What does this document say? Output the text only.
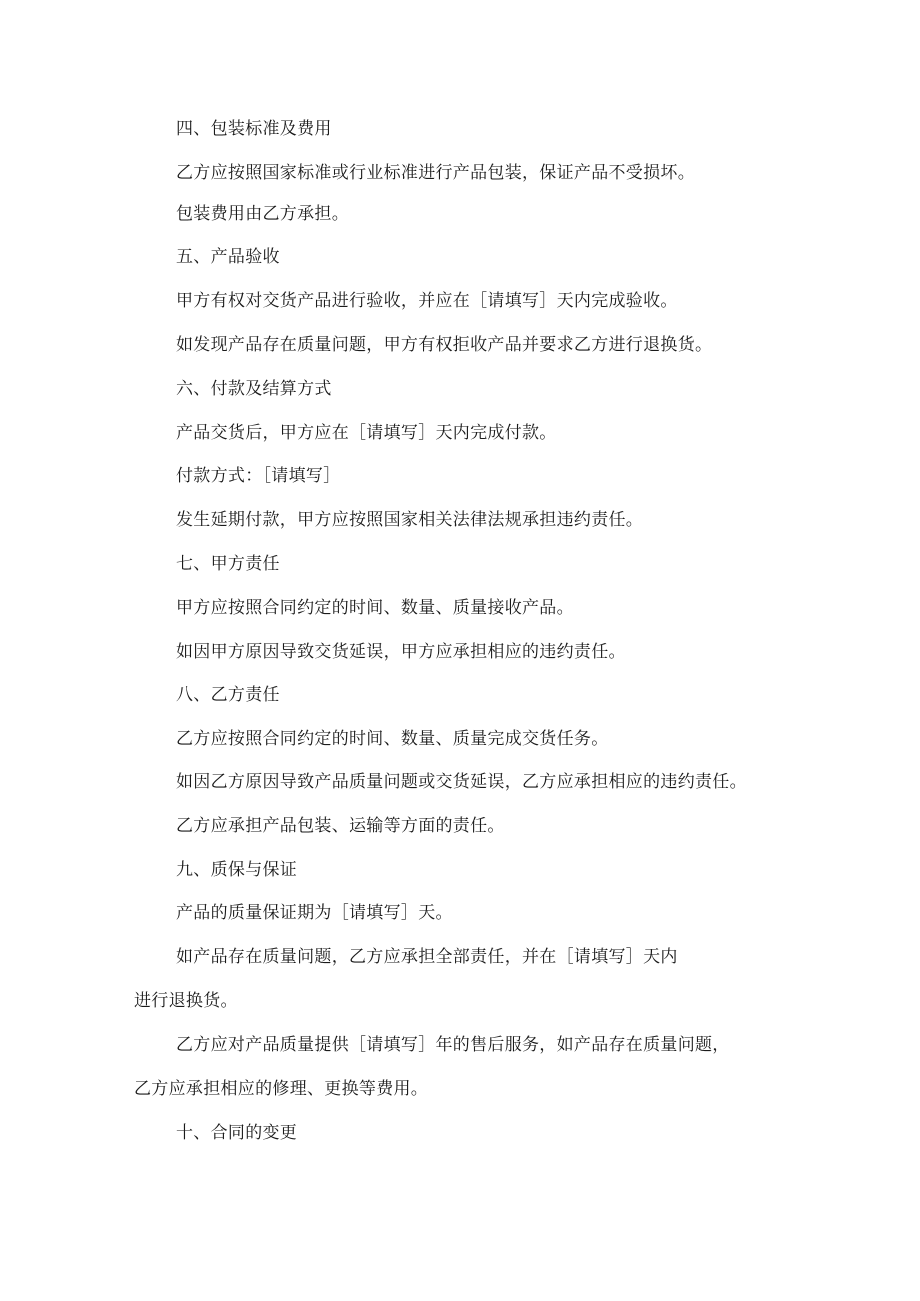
四、包装标准及费用
乙方应按照国家标准或行业标准进行产品包装，保证产品不受损坏。
包装费用由乙方承担。
五、产品验收
甲方有权对交货产品进行验收，并应在［请填写］天内完成验收。
如发现产品存在质量问题，甲方有权拒收产品并要求乙方进行退换货。
六、付款及结算方式
产品交货后，甲方应在［请填写］天内完成付款。
付款方式：［请填写］
发生延期付款，甲方应按照国家相关法律法规承担违约责任。
七、甲方责任
甲方应按照合同约定的时间、数量、质量接收产品。
如因甲方原因导致交货延误，甲方应承担相应的违约责任。
八、乙方责任
乙方应按照合同约定的时间、数量、质量完成交货任务。
如因乙方原因导致产品质量问题或交货延误，乙方应承担相应的违约责任。
乙方应承担产品包装、运输等方面的责任。
九、质保与保证
产品的质量保证期为［请填写］天。
如产品存在质量问题，乙方应承担全部责任，并在［请填写］天内
进行退换货。
乙方应对产品质量提供［请填写］年的售后服务，如产品存在质量问题，
乙方应承担相应的修理、更换等费用。
十、合同的变更
